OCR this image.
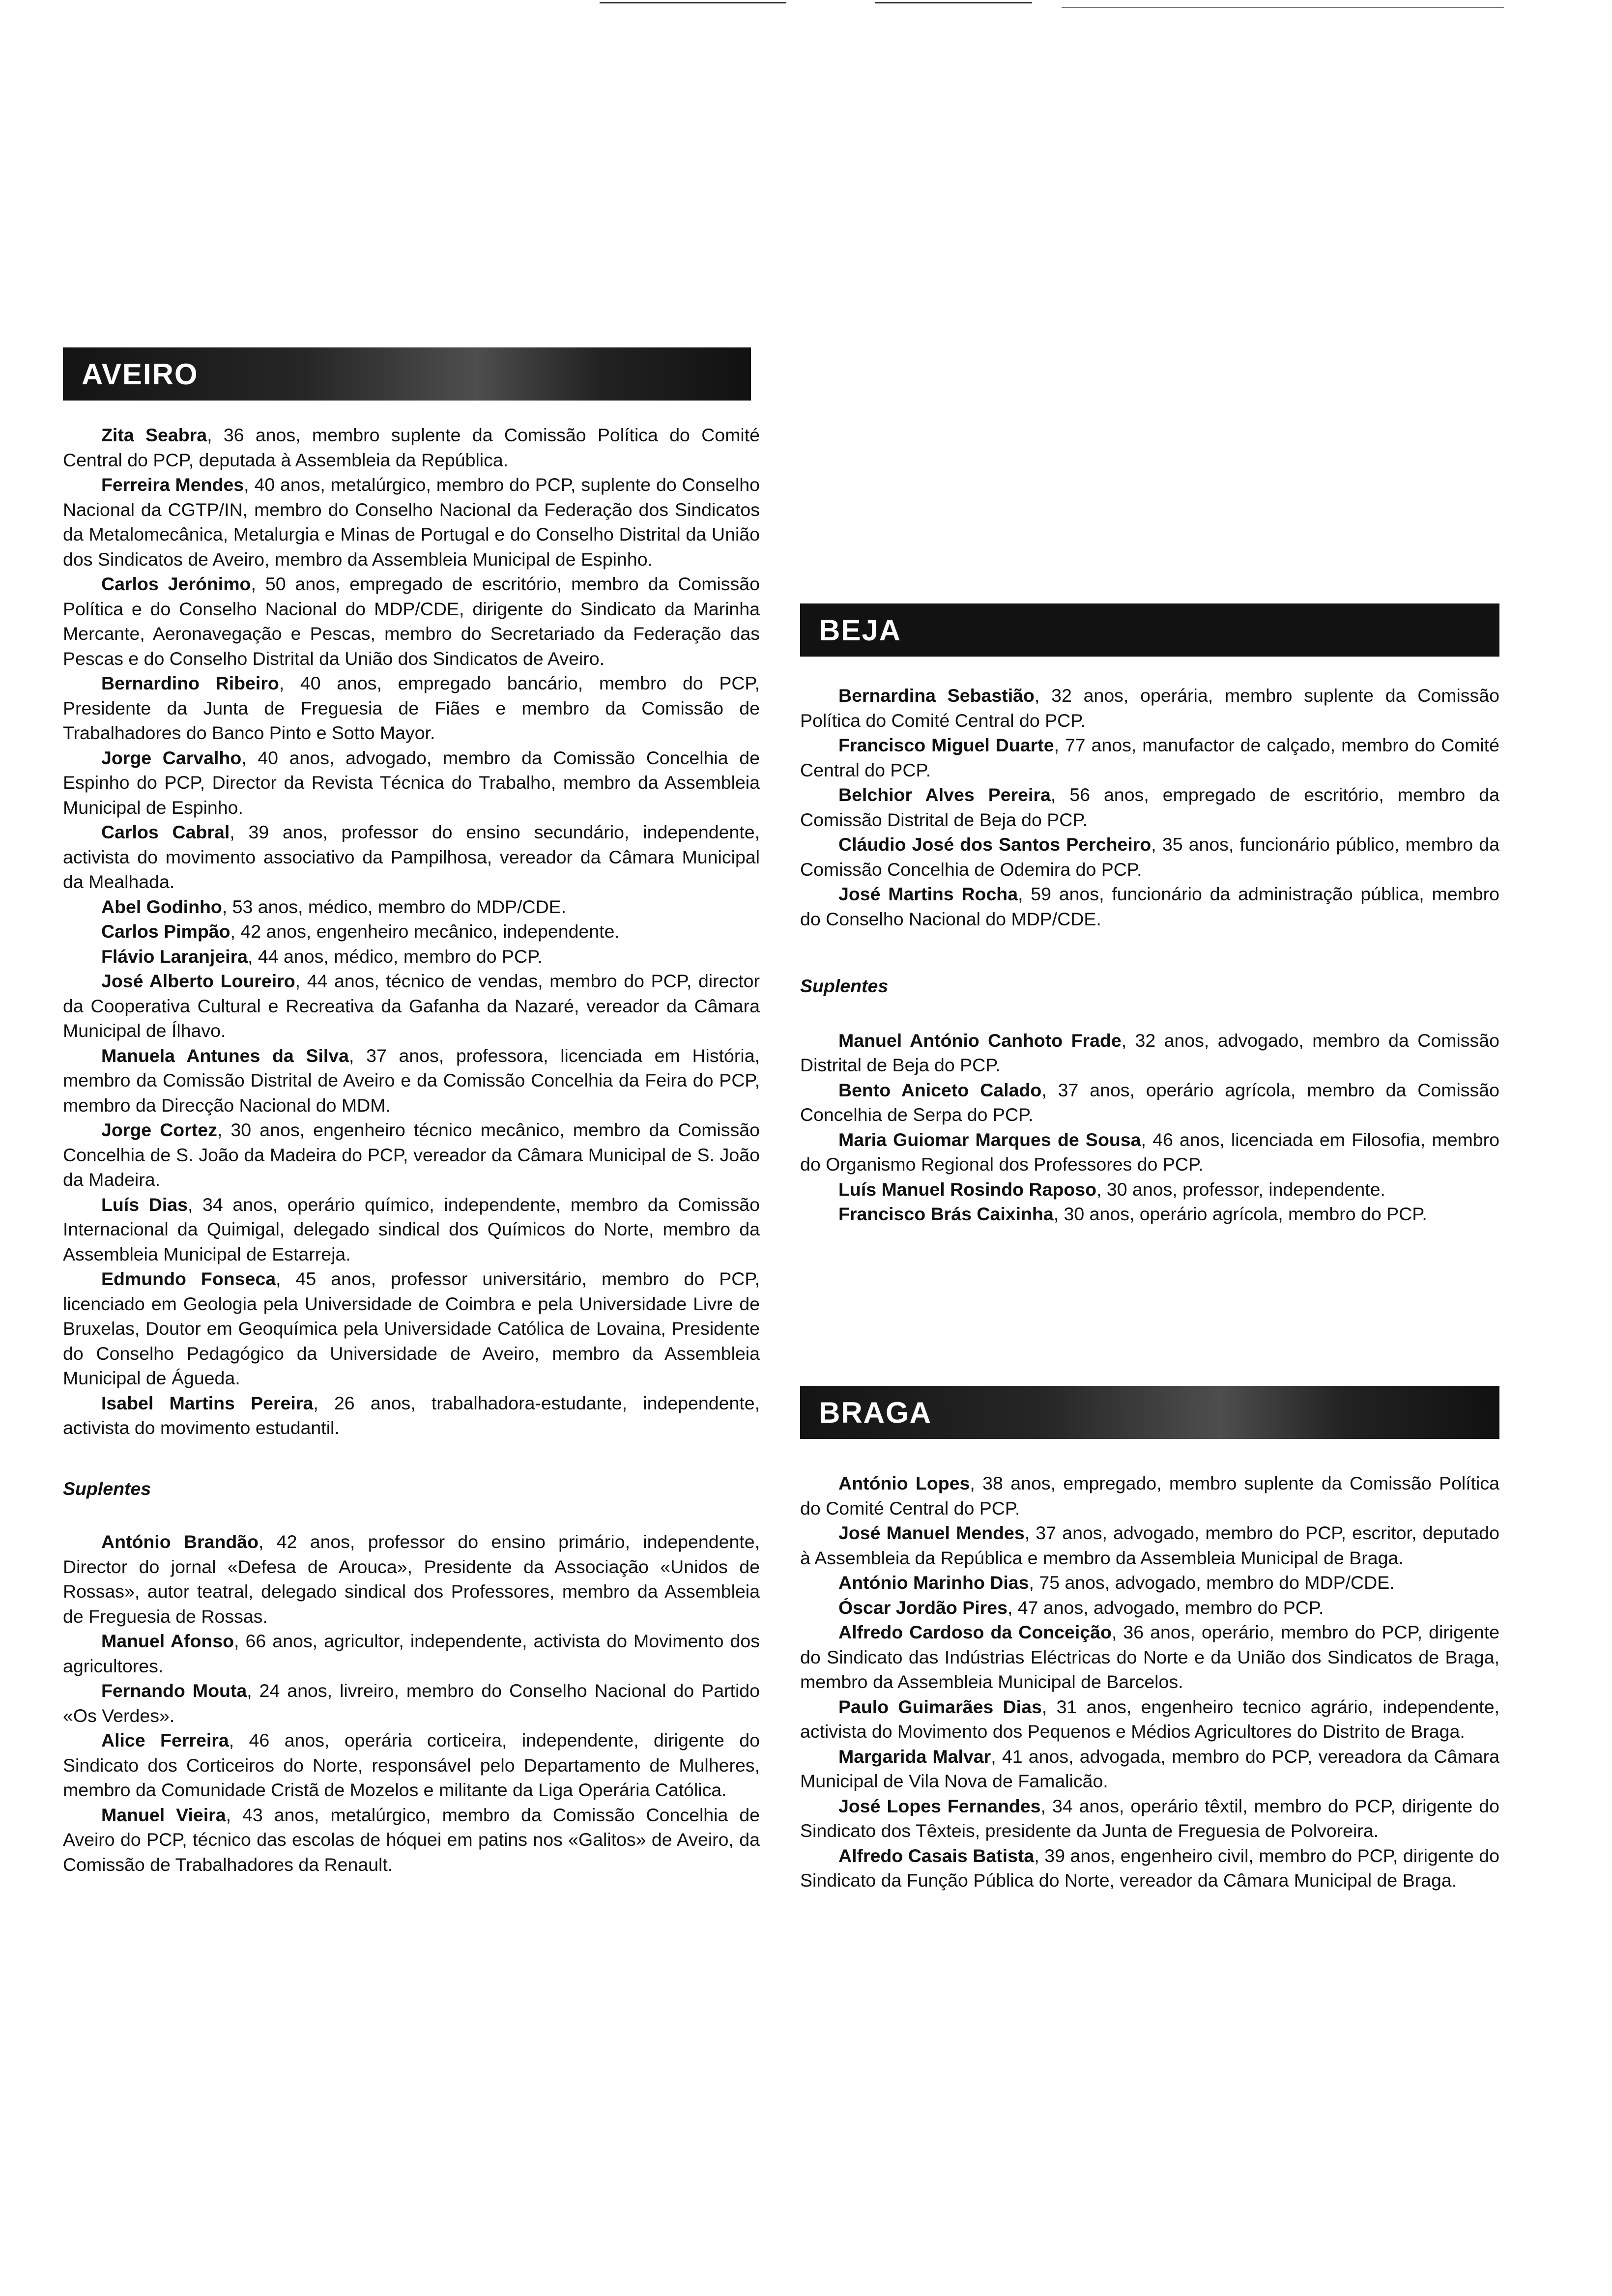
AVEIRO

Zita Seabra, 36 anos, membro suplente da Comissão Política do Comité Central do PCP, deputada à Assembleia da República.

Ferreira Mendes, 40 anos, metalúrgico, membro do PCP, suplente do Conselho Nacional da CGTP/IN, membro do Conselho Nacional da Federação dos Sindicatos da Metalomecânica, Metalurgia e Minas de Portugal e do Conselho Distrital da União dos Sindicatos de Aveiro, membro da Assembleia Municipal de Espinho.

Carlos Jerónimo, 50 anos, empregado de escritório, membro da Comissão Política e do Conselho Nacional do MDP/CDE, dirigente do Sindicato da Marinha Mercante, Aeronavegação e Pescas, membro do Secretariado da Federação das Pescas e do Conselho Distrital da União dos Sindicatos de Aveiro.

Bernardino Ribeiro, 40 anos, empregado bancário, membro do PCP, Presidente da Junta de Freguesia de Fiães e membro da Comissão de Trabalhadores do Banco Pinto e Sotto Mayor.

Jorge Carvalho, 40 anos, advogado, membro da Comissão Concelhia de Espinho do PCP, Director da Revista Técnica do Trabalho, membro da Assembleia Municipal de Espinho.

Carlos Cabral, 39 anos, professor do ensino secundário, independente, activista do movimento associativo da Pampilhosa, vereador da Câmara Municipal da Mealhada.

Abel Godinho, 53 anos, médico, membro do MDP/CDE.

Carlos Pimpão, 42 anos, engenheiro mecânico, independente.

Flávio Laranjeira, 44 anos, médico, membro do PCP.

José Alberto Loureiro, 44 anos, técnico de vendas, membro do PCP, director da Cooperativa Cultural e Recreativa da Gafanha da Nazaré, vereador da Câmara Municipal de Ílhavo.

Manuela Antunes da Silva, 37 anos, professora, licenciada em História, membro da Comissão Distrital de Aveiro e da Comissão Concelhia da Feira do PCP, membro da Direcção Nacional do MDM.

Jorge Cortez, 30 anos, engenheiro técnico mecânico, membro da Comissão Concelhia de S. João da Madeira do PCP, vereador da Câmara Municipal de S. João da Madeira.

Luís Dias, 34 anos, operário químico, independente, membro da Comissão Internacional da Quimigal, delegado sindical dos Químicos do Norte, membro da Assembleia Municipal de Estarreja.

Edmundo Fonseca, 45 anos, professor universitário, membro do PCP, licenciado em Geologia pela Universidade de Coimbra e pela Universidade Livre de Bruxelas, Doutor em Geoquímica pela Universidade Católica de Lovaina, Presidente do Conselho Pedagógico da Universidade de Aveiro, membro da Assembleia Municipal de Águeda.

Isabel Martins Pereira, 26 anos, trabalhadora-estudante, independente, activista do movimento estudantil.

Suplentes

António Brandão, 42 anos, professor do ensino primário, independente, Director do jornal «Defesa de Arouca», Presidente da Associação «Unidos de Rossas», autor teatral, delegado sindical dos Professores, membro da Assembleia de Freguesia de Rossas.

Manuel Afonso, 66 anos, agricultor, independente, activista do Movimento dos agricultores.

Fernando Mouta, 24 anos, livreiro, membro do Conselho Nacional do Partido «Os Verdes».

Alice Ferreira, 46 anos, operária corticeira, independente, dirigente do Sindicato dos Corticeiros do Norte, responsável pelo Departamento de Mulheres, membro da Comunidade Cristã de Mozelos e militante da Liga Operária Católica.

Manuel Vieira, 43 anos, metalúrgico, membro da Comissão Concelhia de Aveiro do PCP, técnico das escolas de hóquei em patins nos «Galitos» de Aveiro, da Comissão de Trabalhadores da Renault.

BEJA

Bernardina Sebastião, 32 anos, operária, membro suplente da Comissão Política do Comité Central do PCP.

Francisco Miguel Duarte, 77 anos, manufactor de calçado, membro do Comité Central do PCP.

Belchior Alves Pereira, 56 anos, empregado de escritório, membro da Comissão Distrital de Beja do PCP.

Cláudio José dos Santos Percheiro, 35 anos, funcionário público, membro da Comissão Concelhia de Odemira do PCP.

José Martins Rocha, 59 anos, funcionário da administração pública, membro do Conselho Nacional do MDP/CDE.

Suplentes

Manuel António Canhoto Frade, 32 anos, advogado, membro da Comissão Distrital de Beja do PCP.

Bento Aniceto Calado, 37 anos, operário agrícola, membro da Comissão Concelhia de Serpa do PCP.

Maria Guiomar Marques de Sousa, 46 anos, licenciada em Filosofia, membro do Organismo Regional dos Professores do PCP.

Luís Manuel Rosindo Raposo, 30 anos, professor, independente.

Francisco Brás Caixinha, 30 anos, operário agrícola, membro do PCP.

BRAGA

António Lopes, 38 anos, empregado, membro suplente da Comissão Política do Comité Central do PCP.

José Manuel Mendes, 37 anos, advogado, membro do PCP, escritor, deputado à Assembleia da República e membro da Assembleia Municipal de Braga.

António Marinho Dias, 75 anos, advogado, membro do MDP/CDE.

Óscar Jordão Pires, 47 anos, advogado, membro do PCP.

Alfredo Cardoso da Conceição, 36 anos, operário, membro do PCP, dirigente do Sindicato das Indústrias Eléctricas do Norte e da União dos Sindicatos de Braga, membro da Assembleia Municipal de Barcelos.

Paulo Guimarães Dias, 31 anos, engenheiro tecnico agrário, independente, activista do Movimento dos Pequenos e Médios Agricultores do Distrito de Braga.

Margarida Malvar, 41 anos, advogada, membro do PCP, vereadora da Câmara Municipal de Vila Nova de Famalicão.

José Lopes Fernandes, 34 anos, operário têxtil, membro do PCP, dirigente do Sindicato dos Têxteis, presidente da Junta de Freguesia de Polvoreira.

Alfredo Casais Batista, 39 anos, engenheiro civil, membro do PCP, dirigente do Sindicato da Função Pública do Norte, vereador da Câmara Municipal de Braga.
